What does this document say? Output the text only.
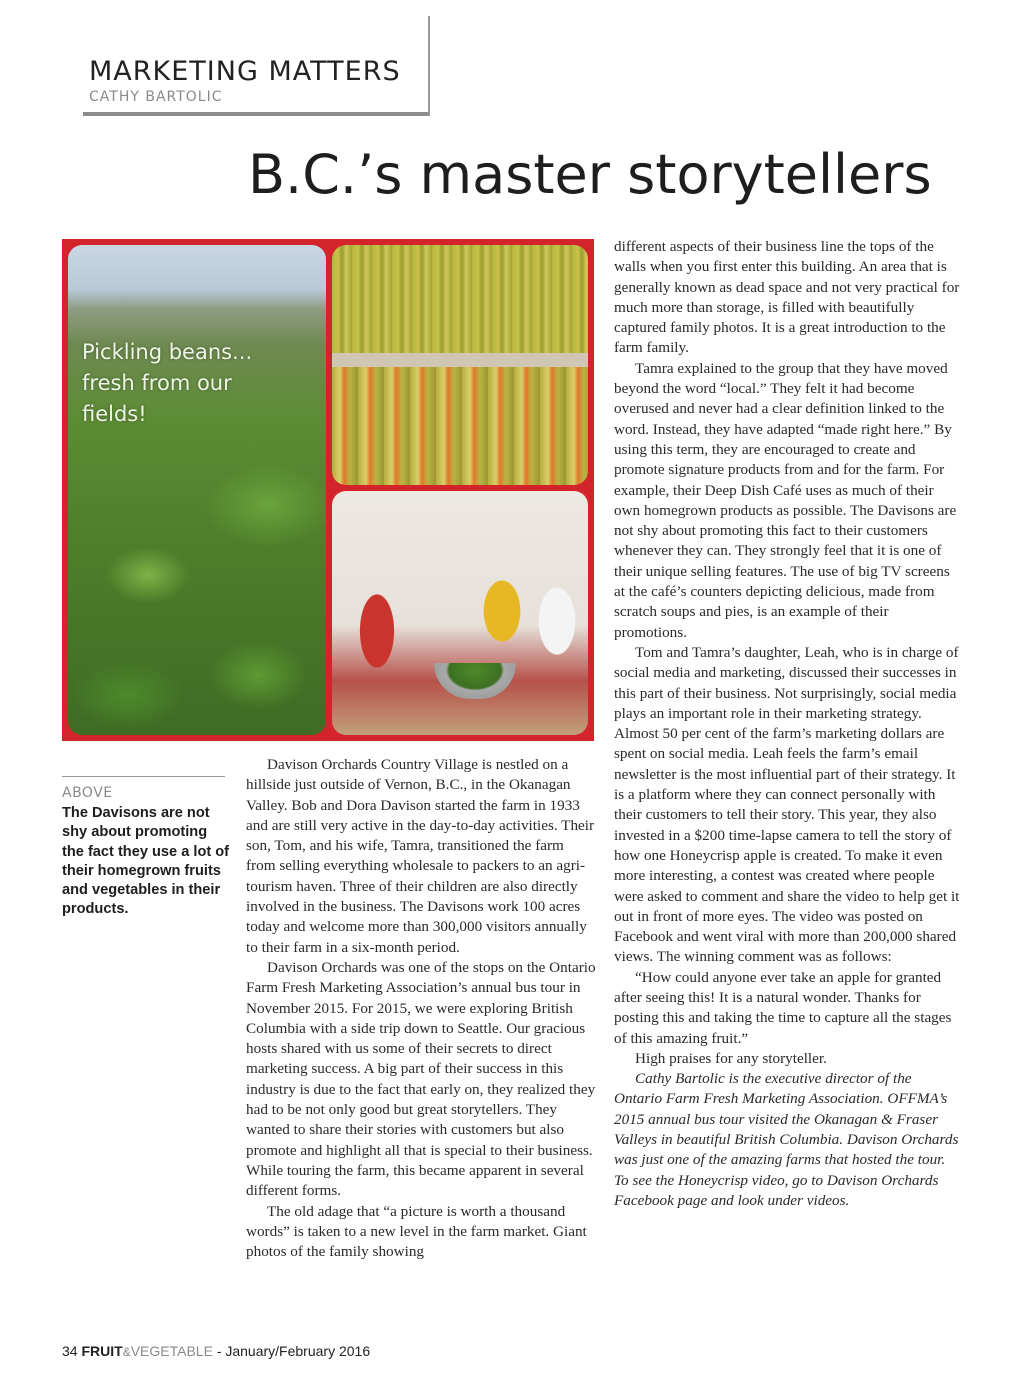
MARKETING MATTERS
CATHY BARTOLIC
B.C.’s master storytellers
Pickling beans...
fresh from our
fields!
ABOVE
The Davisons are not shy about promoting the fact they use a lot of their homegrown fruits and vegetables in their products.

Davison Orchards Country Village is nestled on a hillside just outside of Vernon, B.C., in the Okanagan Valley. Bob and Dora Davison started the farm in 1933 and are still very active in the day-to-day activities. Their son, Tom, and his wife, Tamra, transitioned the farm from selling everything wholesale to packers to an agri-tourism haven. Three of their children are also directly involved in the business. The Davisons work 100 acres today and welcome more than 300,000 visitors annually to their farm in a six-month period.

Davison Orchards was one of the stops on the Ontario Farm Fresh Marketing Association’s annual bus tour in November 2015. For 2015, we were exploring British Columbia with a side trip down to Seattle. Our gracious hosts shared with us some of their secrets to direct marketing success. A big part of their success in this industry is due to the fact that early on, they realized they had to be not only good but great storytellers. They wanted to share their stories with customers but also promote and highlight all that is special to their business. While touring the farm, this became apparent in several different forms.

The old adage that “a picture is worth a thousand words” is taken to a new level in the farm market. Giant photos of the family showing

different aspects of their business line the tops of the walls when you first enter this building. An area that is generally known as dead space and not very practical for much more than storage, is filled with beautifully captured family photos. It is a great introduction to the farm family.

Tamra explained to the group that they have moved beyond the word “local.” They felt it had become overused and never had a clear definition linked to the word. Instead, they have adapted “made right here.” By using this term, they are encouraged to create and promote signature products from and for the farm. For example, their Deep Dish Café uses as much of their own homegrown products as possible. The Davisons are not shy about promoting this fact to their customers whenever they can. They strongly feel that it is one of their unique selling features. The use of big TV screens at the café’s counters depicting delicious, made from scratch soups and pies, is an example of their promotions.

Tom and Tamra’s daughter, Leah, who is in charge of social media and marketing, discussed their successes in this part of their business. Not surprisingly, social media plays an important role in their marketing strategy. Almost 50 per cent of the farm’s marketing dollars are spent on social media. Leah feels the farm’s email newsletter is the most influential part of their strategy. It is a platform where they can connect personally with their customers to tell their story. This year, they also invested in a $200 time-lapse camera to tell the story of how one Honeycrisp apple is created. To make it even more interesting, a contest was created where people were asked to comment and share the video to help get it out in front of more eyes. The video was posted on Facebook and went viral with more than 200,000 shared views. The winning comment was as follows:

“How could anyone ever take an apple for granted after seeing this! It is a natural wonder. Thanks for posting this and taking the time to capture all the stages of this amazing fruit.”

High praises for any storyteller.

Cathy Bartolic is the executive director of the Ontario Farm Fresh Marketing Association. OFFMA’s 2015 annual bus tour visited the Okanagan & Fraser Valleys in beautiful British Columbia. Davison Orchards was just one of the amazing farms that hosted the tour. To see the Honeycrisp video, go to Davison Orchards Facebook page and look under videos.

34 FRUIT&VEGETABLE - January/February 2016
